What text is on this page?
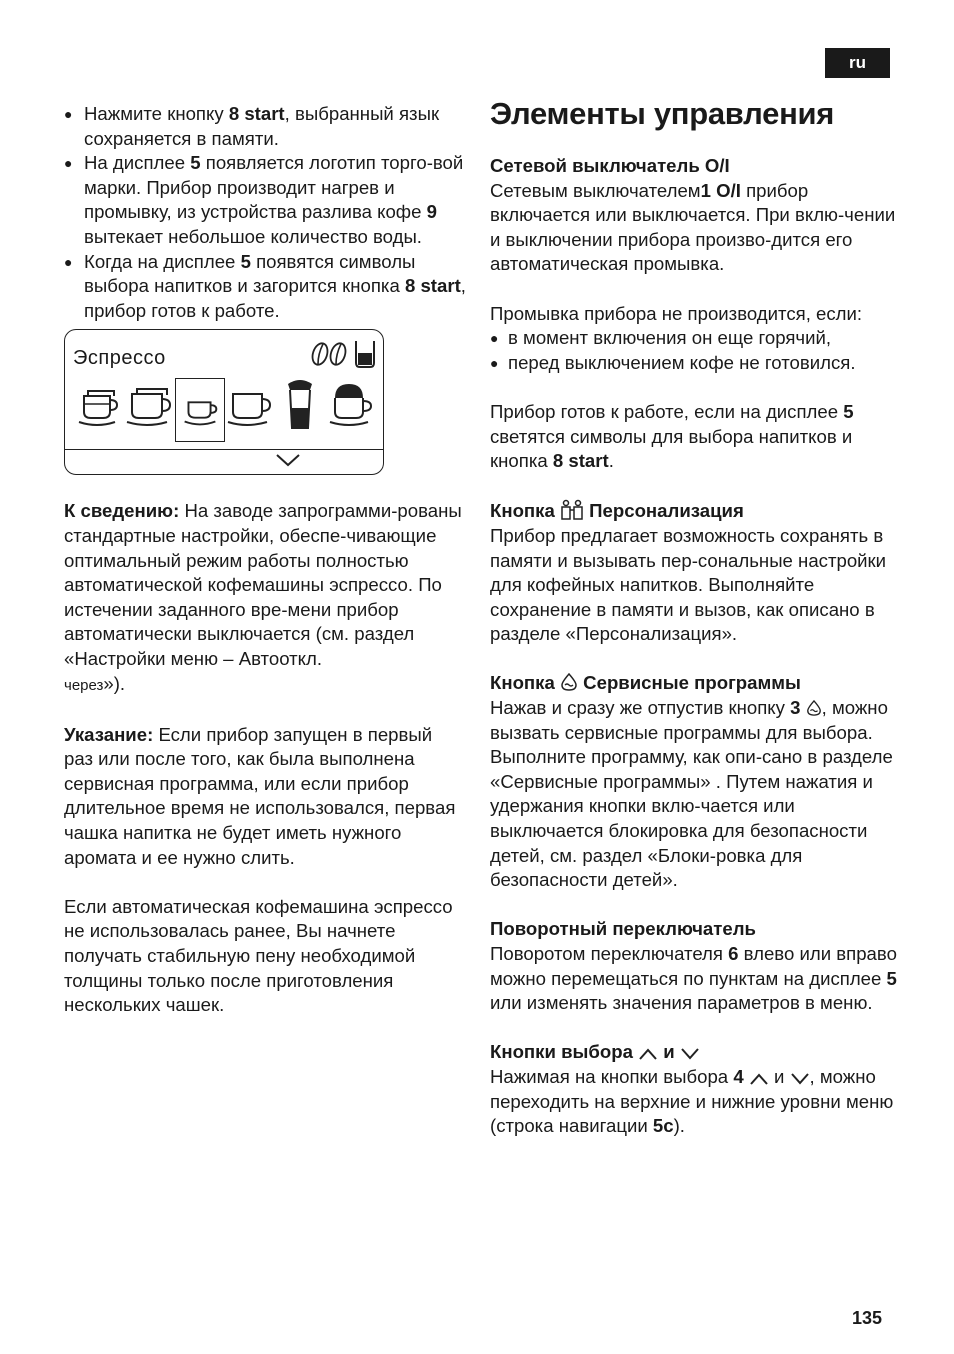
ru
● Нажмите кнопку 8 start, выбранный язык сохраняется в памяти.
● На дисплее 5 появляется логотип торго-вой марки. Прибор производит нагрев и промывку, из устройства разлива кофе 9 вытекает небольшое количество воды.
● Когда на дисплее 5 появятся символы выбора напитков и загорится кнопка 8 start, прибор готов к работе.
Эспрессо

К сведению: На заводе запрограмми-рованы стандартные настройки, обеспе-чивающие оптимальный режим работы полностью автоматической кофемашины эспрессо. По истечении заданного вре-мени прибор автоматически выключается (см. раздел «Настройки меню – Автооткл.
через»).

Указание: Если прибор запущен в первый раз или после того, как была выполнена сервисная программа, или если прибор длительное время не использовался, первая чашка напитка не будет иметь нужного аромата и ее нужно слить.

Если автоматическая кофемашина эспрессо не использовалась ранее, Вы начнете получать стабильную пену необходимой толщины только после приготовления нескольких чашек.

Элементы управления

Сетевой выключатель O/I

Сетевым выключателем1 O/I прибор включается или выключается. При вклю-чении и выключении прибора произво-дится его автоматическая промывка.

Промывка прибора не производится, если:

● в момент включения он еще горячий,
● перед выключением кофе не готовился.

Прибор готов к работе, если на дисплее 5 светятся символы для выбора напитков и кнопка 8 start.

Кнопка Персонализация

Прибор предлагает возможность сохранять в памяти и вызывать пер-сональные настройки для кофейных напитков. Выполняйте сохранение в памяти и вызов, как описано в разделе «Персонализация».

Кнопка Сервисные программы

Нажав и сразу же отпустив кнопку 3 , можно вызвать сервисные программы для выбора. Выполните программу, как опи-сано в разделе «Сервисные программы» . Путем нажатия и удержания кнопки вклю-чается или выключается блокировка для безопасности детей, см. раздел «Блоки-ровка для безопасности детей».

Поворотный переключатель

Поворотом переключателя 6 влево или вправо можно перемещаться по пунктам на дисплее 5 или изменять значения параметров в меню.

Кнопки выбора и

Нажимая на кнопки выбора 4  и , можно переходить на верхние и нижние уровни меню (строка навигации 5c).

135
